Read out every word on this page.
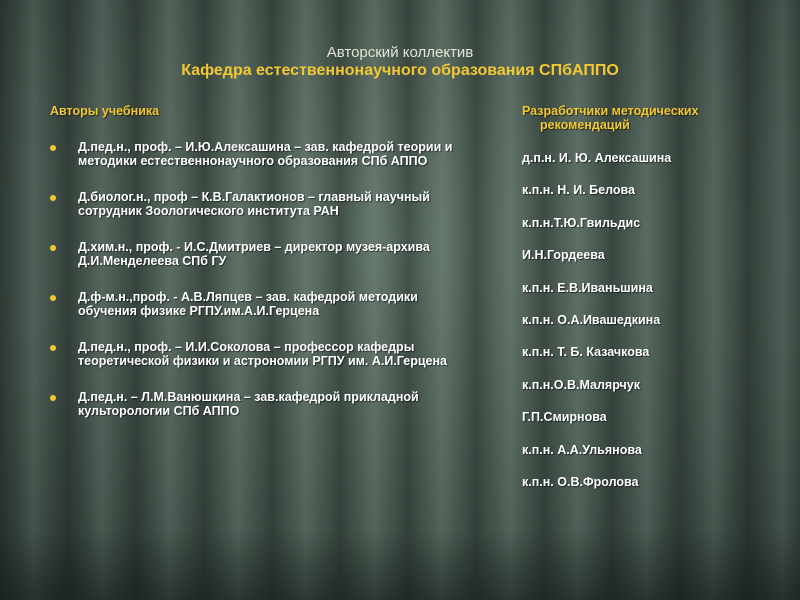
Авторский коллектив
Кафедра естественнонаучного образования СПбАППО
Авторы учебника
Д.пед.н., проф. – И.Ю.Алексашина – зав. кафедрой теории и методики естественнонаучного образования СПб АППО
Д.биолог.н., проф – К.В.Галактионов – главный научный сотрудник Зоологического института РАН
Д.хим.н., проф. - И.С.Дмитриев – директор музея-архива Д.И.Менделеева СПб ГУ
Д.ф-м.н.,проф. - А.В.Ляпцев – зав. кафедрой методики обучения физике РГПУ.им.А.И.Герцена
Д.пед.н., проф. – И.И.Соколова – профессор кафедры теоретической физики и астрономии РГПУ им. А.И.Герцена
Д.пед.н. – Л.М.Ванюшкина – зав.кафедрой прикладной культорологии СПб АППО
Разработчики методических рекомендаций
д.п.н. И. Ю. Алексашина
к.п.н. Н. И. Белова
к.п.н.Т.Ю.Гвильдис
И.Н.Гордеева
к.п.н. Е.В.Иваньшина
к.п.н. О.А.Ивашедкина
к.п.н. Т. Б. Казачкова
к.п.н.О.В.Малярчук
Г.П.Смирнова
к.п.н. А.А.Ульянова
к.п.н. О.В.Фролова
